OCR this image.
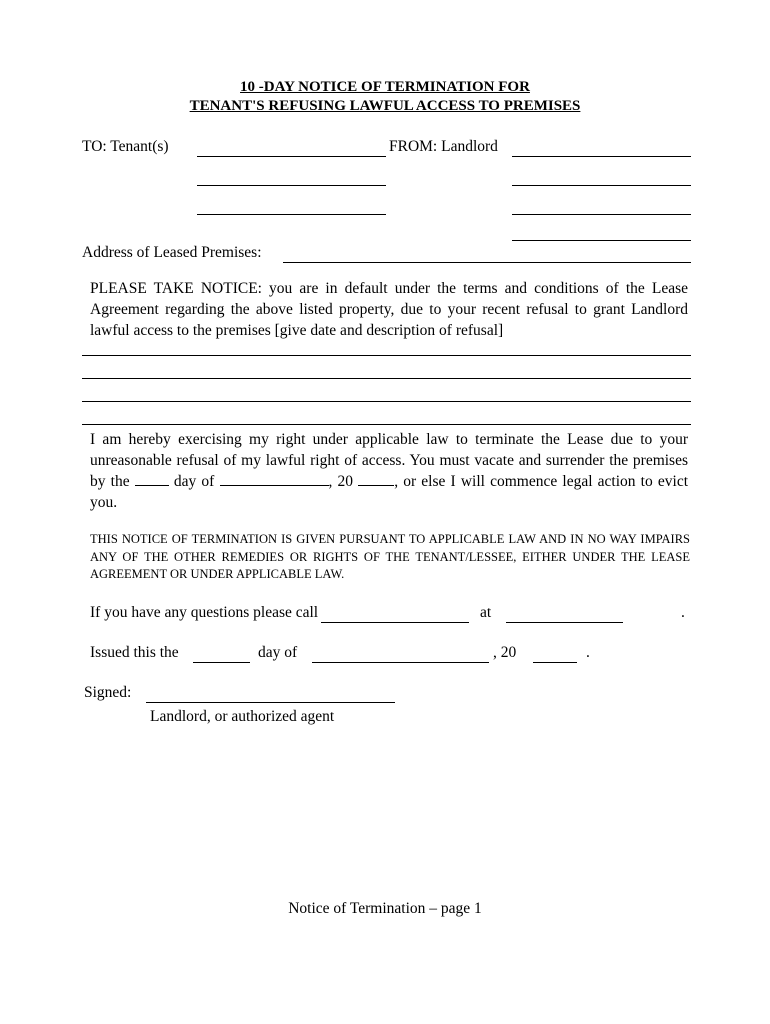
10 -DAY NOTICE OF TERMINATION FOR
TENANT'S REFUSING LAWFUL ACCESS TO PREMISES
TO: Tenant(s)	FROM: Landlord
Address of Leased Premises:

PLEASE TAKE NOTICE: you are in default under the terms and conditions of the Lease Agreement regarding the above listed property, due to your recent refusal to grant Landlord lawful access to the premises [give date and description of refusal]

I am hereby exercising my right under applicable law to terminate the Lease due to your unreasonable refusal of my lawful right of access. You must vacate and surrender the premises by the  day of	, 20 , or else I will commence legal action to evict you.

THIS NOTICE OF TERMINATION IS GIVEN PURSUANT TO APPLICABLE LAW AND IN NO WAY IMPAIRS ANY OF THE OTHER REMEDIES OR RIGHTS OF THE TENANT/LESSEE, EITHER UNDER THE LEASE AGREEMENT OR UNDER APPLICABLE LAW.

If you have any questions please call	at	.
Issued this the	day of	, 20	.
Signed:
Landlord, or authorized agent
Notice of Termination – page 1
